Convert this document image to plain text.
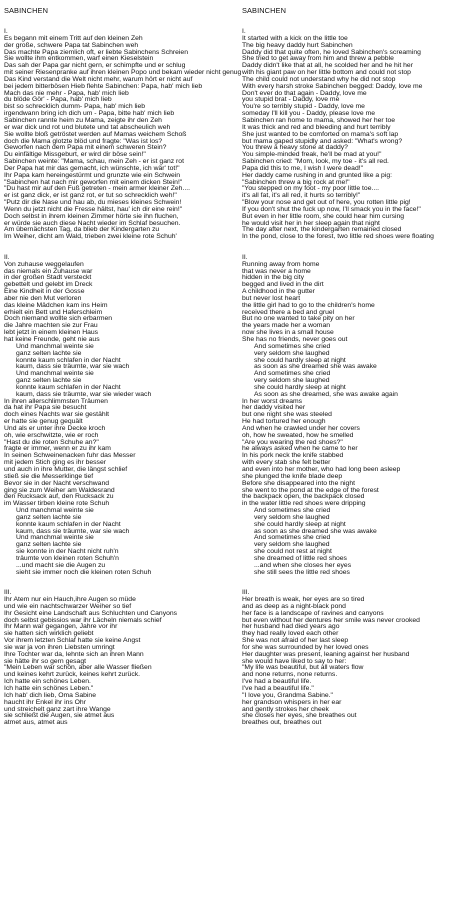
SABINCHEN
I.
Es begann mit einem Tritt auf den kleinen Zeh
der große, schwere Papa tat Sabinchen weh
Das machte Papa ziemlich oft, er liebte Sabinchens Schreien
Sie wollte ihm entkommen, warf einen Kieselstein
Das sah der Papa gar nicht gern, er schimpfte und er schlug
mit seiner Riesenpranke auf ihren kleinen Popo und bekam wieder nicht genug
Das Kind verstand die Welt nicht mehr, warum hört er nicht auf
bei jedem bitterbösen Hieb flehte Sabinchen: Papa, hab' mich lieb
Mach das nie mehr - Papa, hab' mich lieb
du blöde Gör' - Papa, hab' mich lieb
bist so schrecklich dumm- Papa, hab' mich lieb
irgendwann bring ich dich um - Papa, bitte hab' mich lieb
Sabinchen rannte heim zu Mama, zeigte ihr den Zeh
er war dick und rot und blutete und tat abscheulich weh
Sie wollte bloß getröstet werden auf Mamas weichem Schoß
doch die Mama glotzte blöd und fragte: "Was ist los?
Geworfen nach dem Papa mit einem schweren Stein?
Du einfältige Missgeburt, er wird dir böse sein!"
Sabinchen weinte: "Mama, schau, mein Zeh - er ist ganz rot
Der Papa hat mir das gemacht, ich wünschte, ich wär' tot!"
Ihr Papa kam hereingestürmt und grunzte wie ein Schwein
"Sabinchen hat nach mir geworfen mit einem dicken Stein!"
"Du hast mir auf den Fuß getreten - mein armer kleiner Zeh....
er ist ganz dick, er ist ganz rot, er tut so schrecklich weh!"
"Putz dir die Nase und hau ab, du mieses kleines Schwein!
Wenn du jetzt nicht die Fresse hältst, hau' ich dir eine rein!"
Doch selbst in ihrem kleinen Zimmer hörte sie ihn fluchen,
er würde sie auch diese Nacht wieder im Schlaf besuchen.
Am übernächsten Tag, da blieb der Kindergarten zu
Im Weiher, dicht am Wald, trieben zwei kleine rote Schuh'
II.
Von zuhause weggelaufen
das niemals ein Zuhause war
in der großen Stadt versteckt
gebettelt und gelebt im Dreck
Eine Kindheit in der Gosse
aber nie den Mut verloren
das kleine Mädchen kam ins Heim
erhielt ein Bett und Haferschleim
Doch niemand wollte sich erbarmen
die Jahre machten sie zur Frau
lebt jetzt in einem kleinen Haus
hat keine Freunde, geht nie aus
Und manchmal weinte sie
ganz selten lachte sie
konnte kaum schlafen in der Nacht
kaum, dass sie träumte, war sie wach
Und manchmal weinte sie
ganz selten lachte sie
konnte kaum schlafen in der Nacht
kaum, dass sie träumte, war sie wieder wach
In ihren allerschlimmsten Träumen
da hat ihr Papa sie besucht
doch eines Nachts war sie gestählt
er hatte sie genug gequält
Und als er unter ihre Decke kroch
oh, wie erschwitzte, wie er roch
"Hast du die roten Schuhe an?"
fragte er immer, wenn er zu ihr kam
In seinen Schweinenacken fuhr das Messer
mit jedem Stich ging es ihr besser
und auch in ihre Mutter, die längst schlief
stieß sie die Messerklinge tief
Bevor sie in der Nacht verschwand
ging sie zum Weiher am Waldesrand
den Rucksack auf, den Rucksack zu
im Wasser tirben kleine rote Schuh
Und manchmal weinte sie
ganz selten lachte sie
konnte kaum schlafen in der Nacht
kaum, dass sie träumte, war sie wach
Und manchmal weinte sie
ganz selten lachte sie
sie konnte in der Nacht nicht ruh'n
träumte von kleinen roten Schuh'n
...und macht sie die Augen zu
sieht sie immer noch die kleinen roten Schuh
III.
Ihr Atem nur ein Hauch,ihre Augen so müde
und wie ein nachtschwarzer Weiher so tief
Ihr Gesicht eine Landschaft aus Schluchten und Canyons
doch selbst gebissios war ihr Lächeln niemals schief
Ihr Mann war gegangen, Jahre vor ihr
sie hatten sich wirklich geliebt
Vor ihrem letzten Schlaf hatte sie keine Angst
sie war ja von ihren Liebsten umringt
Ihre Tochter war da, lehnte sich an ihren Mann
sie hätte ihr so gern gesagt
"Mein Leben war schön, aber alle Wasser fließen
und keines kehrt zurück, keines kehrt zurück.
Ich hatte ein schönes Leben.
Ich hatte ein schönes Leben."
Ich hab' dich lieb, Oma Sabine
haucht ihr Enkel ihr ins Ohr
und streichelt ganz zart ihre Wange
sie schließt die Augen, sie atmet aus
atmet aus, atmet aus
SABINCHEN
I.
It started with a kick on the little toe
The big heavy daddy hurt Sabinchen
Daddy did that quite often, he loved Sabinchen's screaming
She tried to get away from him and threw a pebble
Daddy didn't like that at all, he scolded her and he hit her
with his giant paw on her little bottom and could not stop
The child could not understand why he did not stop
With every harsh stroke Sabinchen begged: Daddy, love me
Don't ever do that again - Daddy, love me
you stupid brat - Daddy, love me
You're so terribly stupid - Daddy, love me
someday I'll kill you - Daddy, please love me
Sabinchen ran home to mama, showed her her toe
It was thick and red and bleeding and hurt terribly
She just wanted to be comforted on mama's soft lap
but mama gaped stupidly and asked: "What's wrong?
You threw a heavy stone at daddy?
You simple-minded freak, he'll be mad at you!"
Sabinchen cried: "Mom, look, my toe - it's all red.
Papa did this to me, I wish I were dead!"
Her daddy came rushing in and grunted like a pig:
"Sabinchen threw a big rock at me!"
"You stepped on my foot - my poor little toe....
it's all fat, it's all red, it hurts so terribly!"
"Blow your nose and get out of here, you rotten little pig!
If you don't shut the fuck up now, I'll smack you in the face!"
But even in her little room, she could hear him cursing
he would visit her in her sleep again that night
The day after next, the kindergarten remained closed
In the pond, close to the forest, two little red shoes were floating
II.
Running away from home
that was never a home
hidden in the big city
begged and lived in the dirt
A childhood in the gutter
but never lost heart
the little girl had to go to the children's home
received there a bed and gruel
But no one wanted to take pity on her
the years made her a woman
now she lives in a small house
She has no friends, never goes out
And sometimes she cried
very seldom she laughed
she could hardly sleep at night
as soon as she dreamed she was awake
And sometimes she cried
very seldom she laughed
she could hardly sleep at night
As soon as she dreamed, she was awake again
In her worst dreams
her daddy visited her
but one night she was steeled
He had tortured her enough
And when he crawled under her covers
oh, how he sweated, how he smelled
"Are you wearing the red shoes?"
he always asked when he came to her
In his pork neck the knife stabbed
with every stab she felt better
and even into her mother, who had long been asleep
she plunged the knife blade deep
Before she disappeared into the night
she went to the pond at the edge of the forest
the backpack open, the backpack closed
in the water little red shoes were dripping
And sometimes she cried
very seldom she laughed
she could hardly sleep at night
as soon as she dreamed she was awake
And sometimes she cried
very seldom she laughed
she could not rest at night
she dreamed of little red shoes
...and when she closes her eyes
she still sees the little red shoes
III.
Her breath is weak, her eyes are so tired
and as deep as a night-black pond
her face is a landscape of ravines and canyons
but even without her dentures her smile was never crooked
her husband had died years ago
they had really loved each other
She was not afraid of her last sleep
for she was surrounded by her loved ones
Her daughter was present, leaning against her husband
she would have liked to say to her:
"My life was beautiful, but all waters flow
and none returns, none returns.
I've had a beautiful life.
I've had a beautiful life."
"I love you, Grandma Sabine."
her grandson whispers in her ear
and gently strokes her cheek
she closes her eyes, she breathes out
breathes out, breathes out
